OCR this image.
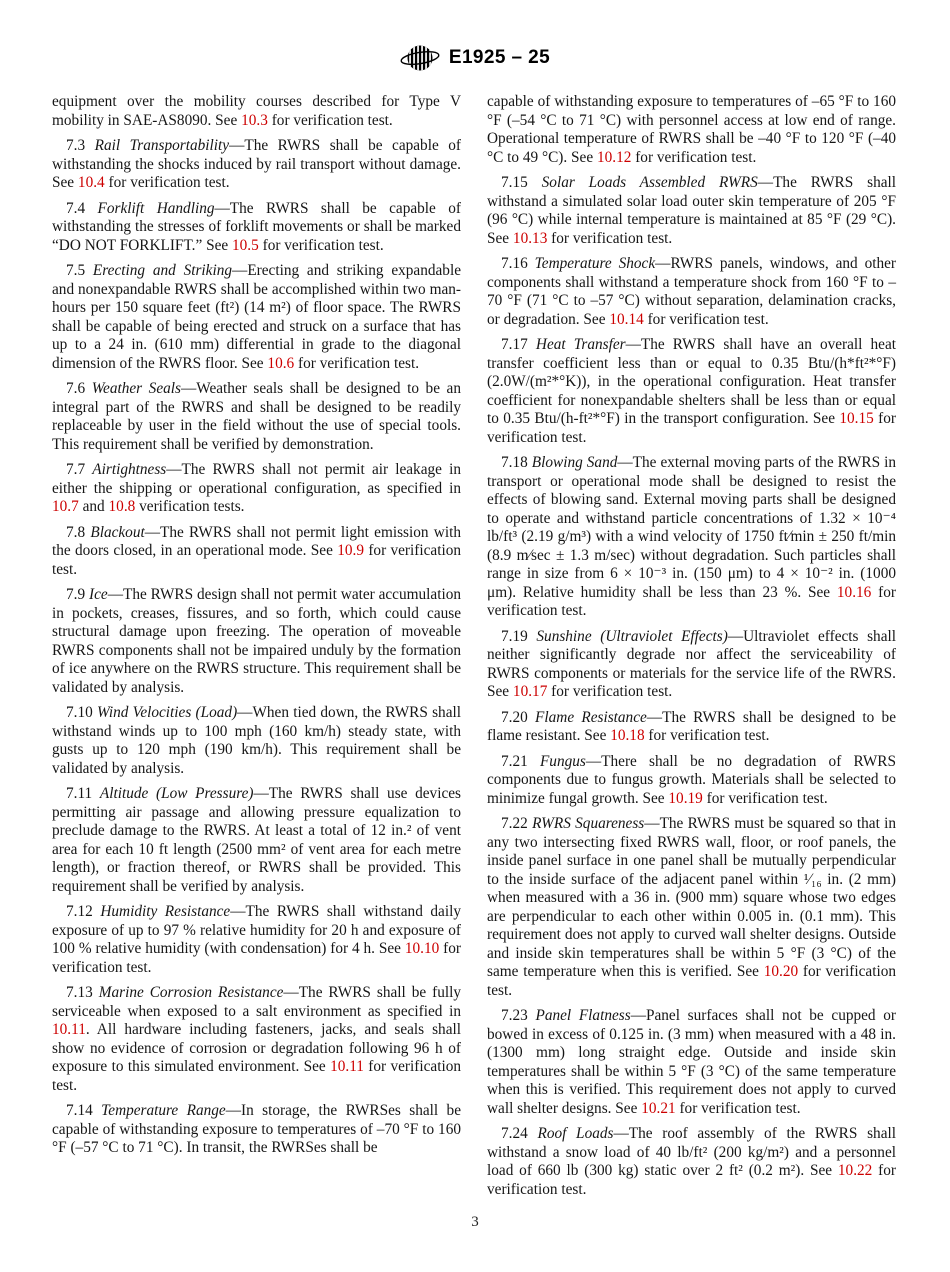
E1925 – 25

equipment over the mobility courses described for Type V mobility in SAE-AS8090. See 10.3 for verification test.

7.3 Rail Transportability—The RWRS shall be capable of withstanding the shocks induced by rail transport without damage. See 10.4 for verification test.

7.4 Forklift Handling—The RWRS shall be capable of withstanding the stresses of forklift movements or shall be marked “DO NOT FORKLIFT.” See 10.5 for verification test.

7.5 Erecting and Striking—Erecting and striking expandable and nonexpandable RWRS shall be accomplished within two man-hours per 150 square feet (ft²) (14 m²) of floor space. The RWRS shall be capable of being erected and struck on a surface that has up to a 24 in. (610 mm) differential in grade to the diagonal dimension of the RWRS floor. See 10.6 for verification test.

7.6 Weather Seals—Weather seals shall be designed to be an integral part of the RWRS and shall be designed to be readily replaceable by user in the field without the use of special tools. This requirement shall be verified by demonstration.

7.7 Airtightness—The RWRS shall not permit air leakage in either the shipping or operational configuration, as specified in 10.7 and 10.8 verification tests.

7.8 Blackout—The RWRS shall not permit light emission with the doors closed, in an operational mode. See 10.9 for verification test.

7.9 Ice—The RWRS design shall not permit water accumulation in pockets, creases, fissures, and so forth, which could cause structural damage upon freezing. The operation of moveable RWRS components shall not be impaired unduly by the formation of ice anywhere on the RWRS structure. This requirement shall be validated by analysis.

7.10 Wind Velocities (Load)—When tied down, the RWRS shall withstand winds up to 100 mph (160 km/h) steady state, with gusts up to 120 mph (190 km/h). This requirement shall be validated by analysis.

7.11 Altitude (Low Pressure)—The RWRS shall use devices permitting air passage and allowing pressure equalization to preclude damage to the RWRS. At least a total of 12 in.² of vent area for each 10 ft length (2500 mm² of vent area for each metre length), or fraction thereof, or RWRS shall be provided. This requirement shall be verified by analysis.

7.12 Humidity Resistance—The RWRS shall withstand daily exposure of up to 97 % relative humidity for 20 h and exposure of 100 % relative humidity (with condensation) for 4 h. See 10.10 for verification test.

7.13 Marine Corrosion Resistance—The RWRS shall be fully serviceable when exposed to a salt environment as specified in 10.11. All hardware including fasteners, jacks, and seals shall show no evidence of corrosion or degradation following 96 h of exposure to this simulated environment. See 10.11 for verification test.

7.14 Temperature Range—In storage, the RWRSes shall be capable of withstanding exposure to temperatures of –70 °F to 160 °F (–57 °C to 71 °C). In transit, the RWRSes shall be

capable of withstanding exposure to temperatures of –65 °F to 160 °F (–54 °C to 71 °C) with personnel access at low end of range. Operational temperature of RWRS shall be –40 °F to 120 °F (–40 °C to 49 °C). See 10.12 for verification test.

7.15 Solar Loads Assembled RWRS—The RWRS shall withstand a simulated solar load outer skin temperature of 205 °F (96 °C) while internal temperature is maintained at 85 °F (29 °C). See 10.13 for verification test.

7.16 Temperature Shock—RWRS panels, windows, and other components shall withstand a temperature shock from 160 °F to –70 °F (71 °C to –57 °C) without separation, delamination cracks, or degradation. See 10.14 for verification test.

7.17 Heat Transfer—The RWRS shall have an overall heat transfer coefficient less than or equal to 0.35 Btu/(h*ft²*°F) (2.0W/(m²*°K)), in the operational configuration. Heat transfer coefficient for nonexpandable shelters shall be less than or equal to 0.35 Btu/(h-ft²*°F) in the transport configuration. See 10.15 for verification test.

7.18 Blowing Sand—The external moving parts of the RWRS in transport or operational mode shall be designed to resist the effects of blowing sand. External moving parts shall be designed to operate and withstand particle concentrations of 1.32 × 10⁻⁴ lb/ft³ (2.19 g/m³) with a wind velocity of 1750 ft⁄min ± 250 ft/min (8.9 m⁄sec ± 1.3 m/sec) without degradation. Such particles shall range in size from 6 × 10⁻³ in. (150 μm) to 4 × 10⁻² in. (1000 μm). Relative humidity shall be less than 23 %. See 10.16 for verification test.

7.19 Sunshine (Ultraviolet Effects)—Ultraviolet effects shall neither significantly degrade nor affect the serviceability of RWRS components or materials for the service life of the RWRS. See 10.17 for verification test.

7.20 Flame Resistance—The RWRS shall be designed to be flame resistant. See 10.18 for verification test.

7.21 Fungus—There shall be no degradation of RWRS components due to fungus growth. Materials shall be selected to minimize fungal growth. See 10.19 for verification test.

7.22 RWRS Squareness—The RWRS must be squared so that in any two intersecting fixed RWRS wall, floor, or roof panels, the inside panel surface in one panel shall be mutually perpendicular to the inside surface of the adjacent panel within ¹⁄₁₆ in. (2 mm) when measured with a 36 in. (900 mm) square whose two edges are perpendicular to each other within 0.005 in. (0.1 mm). This requirement does not apply to curved wall shelter designs. Outside and inside skin temperatures shall be within 5 °F (3 °C) of the same temperature when this is verified. See 10.20 for verification test.

7.23 Panel Flatness—Panel surfaces shall not be cupped or bowed in excess of 0.125 in. (3 mm) when measured with a 48 in. (1300 mm) long straight edge. Outside and inside skin temperatures shall be within 5 °F (3 °C) of the same temperature when this is verified. This requirement does not apply to curved wall shelter designs. See 10.21 for verification test.

7.24 Roof Loads—The roof assembly of the RWRS shall withstand a snow load of 40 lb/ft² (200 kg/m²) and a personnel load of 660 lb (300 kg) static over 2 ft² (0.2 m²). See 10.22 for verification test.

3
